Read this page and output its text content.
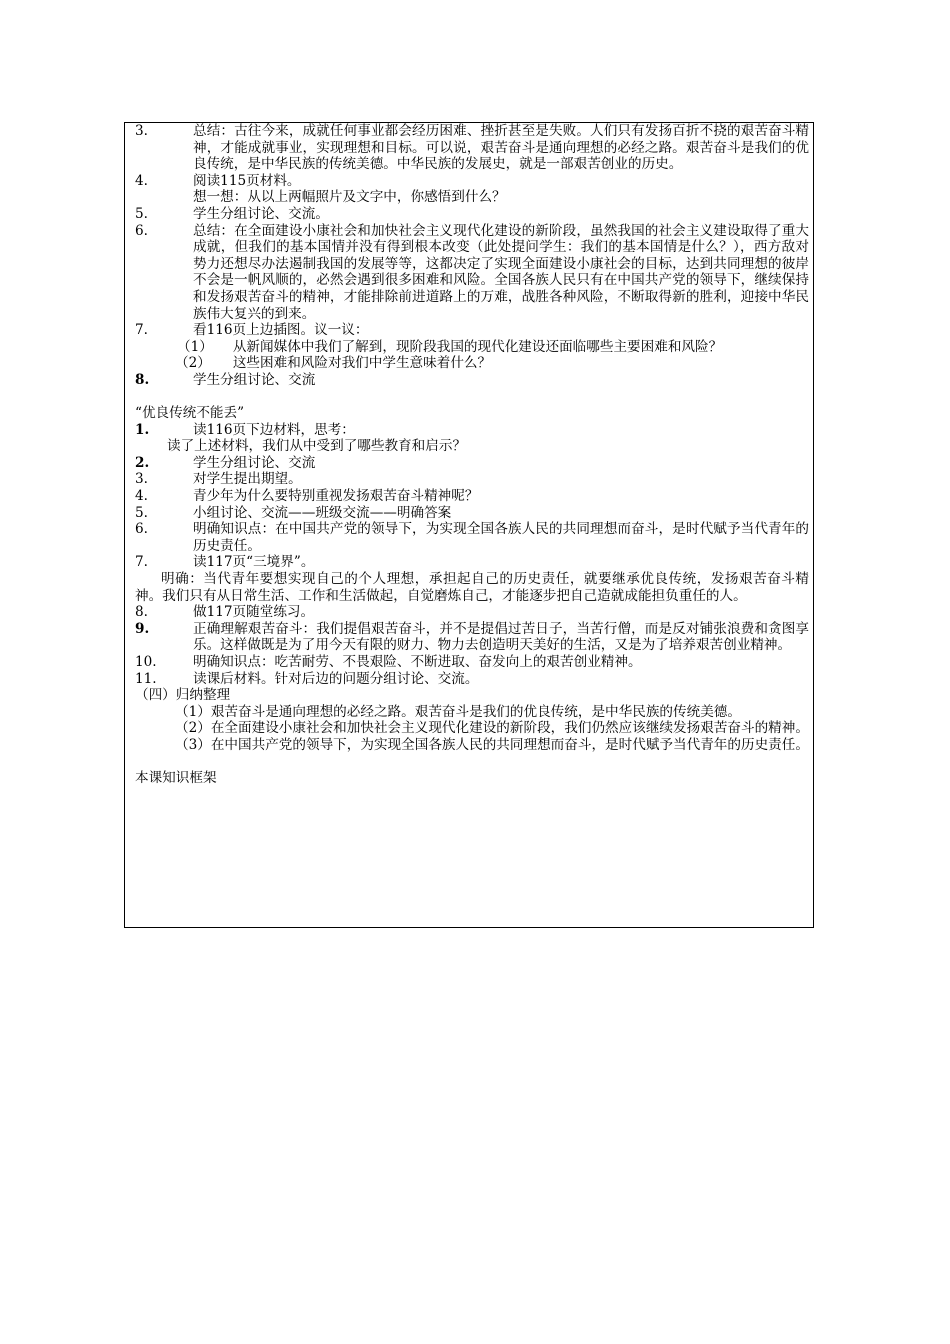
3.	总结：古往今来，成就任何事业都会经历困难、挫折甚至是失败。人们只有发扬百折不挠的艰苦奋斗精神，才能成就事业，实现理想和目标。可以说，艰苦奋斗是通向理想的必经之路。艰苦奋斗是我们的优良传统，是中华民族的传统美德。中华民族的发展史，就是一部艰苦创业的历史。
4.	阅读115页材料。
想一想：从以上两幅照片及文字中，你感悟到什么？
5.	学生分组讨论、交流。
6.	总结：在全面建设小康社会和加快社会主义现代化建设的新阶段，虽然我国的社会主义建设取得了重大成就，但我们的基本国情并没有得到根本改变（此处提问学生：我们的基本国情是什么？），西方敌对势力还想尽办法遏制我国的发展等等，这都决定了实现全面建设小康社会的目标，达到共同理想的彼岸不会是一帆风顺的，必然会遇到很多困难和风险。全国各族人民只有在中国共产党的领导下，继续保持和发扬艰苦奋斗的精神，才能排除前进道路上的万难，战胜各种风险，不断取得新的胜利，迎接中华民族伟大复兴的到来。
7.	看116页上边插图。议一议：
（1）	从新闻媒体中我们了解到，现阶段我国的现代化建设还面临哪些主要困难和风险？
（2）	这些困难和风险对我们中学生意味着什么？
8.	学生分组讨论、交流
“优良传统不能丢”
1.	读116页下边材料，思考：
读了上述材料，我们从中受到了哪些教育和启示？
2.	学生分组讨论、交流
3.	对学生提出期望。
4.	青少年为什么要特别重视发扬艰苦奋斗精神呢？
5.	小组讨论、交流——班级交流——明确答案
6.	明确知识点：在中国共产党的领导下，为实现全国各族人民的共同理想而奋斗，是时代赋予当代青年的历史责任。
7.	读117页“三境界”。
明确：当代青年要想实现自己的个人理想，承担起自己的历史责任，就要继承优良传统，发扬艰苦奋斗精神。我们只有从日常生活、工作和生活做起，自觉磨炼自己，才能逐步把自己造就成能担负重任的人。
8.	做117页随堂练习。
9.	正确理解艰苦奋斗：我们提倡艰苦奋斗，并不是提倡过苦日子，当苦行僧，而是反对铺张浪费和贪图享乐。这样做既是为了用今天有限的财力、物力去创造明天美好的生活，又是为了培养艰苦创业精神。
10.	明确知识点：吃苦耐劳、不畏艰险、不断进取、奋发向上的艰苦创业精神。
11.	读课后材料。针对后边的问题分组讨论、交流。
（四）归纳整理
（1）艰苦奋斗是通向理想的必经之路。艰苦奋斗是我们的优良传统，是中华民族的传统美德。
（2）在全面建设小康社会和加快社会主义现代化建设的新阶段，我们仍然应该继续发扬艰苦奋斗的精神。
（3）在中国共产党的领导下，为实现全国各族人民的共同理想而奋斗，是时代赋予当代青年的历史责任。
本课知识框架
